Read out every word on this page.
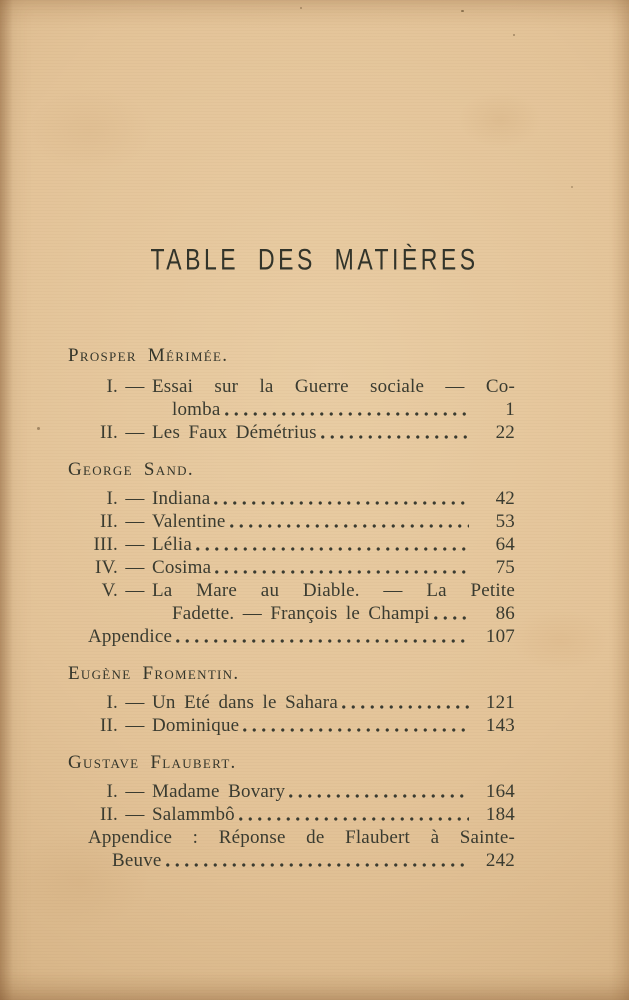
TABLE DES MATIÈRES
Prosper Mérimée.
I. — Essai sur la Guerre sociale — Co-
lomba	1
II. — Les Faux Démétrius	22
George Sand.
I. — Indiana	42
II. — Valentine	53
III. — Lélia	64
IV. — Cosima	75
V. — La Mare au Diable. — La Petite
Fadette. — François le Champi	86
Appendice	107
Eugène Fromentin.
I. — Un Eté dans le Sahara	121
II. — Dominique	143
Gustave Flaubert.
I. — Madame Bovary	164
II. — Salammbô	184
Appendice : Réponse de Flaubert à Sainte-
Beuve	242
